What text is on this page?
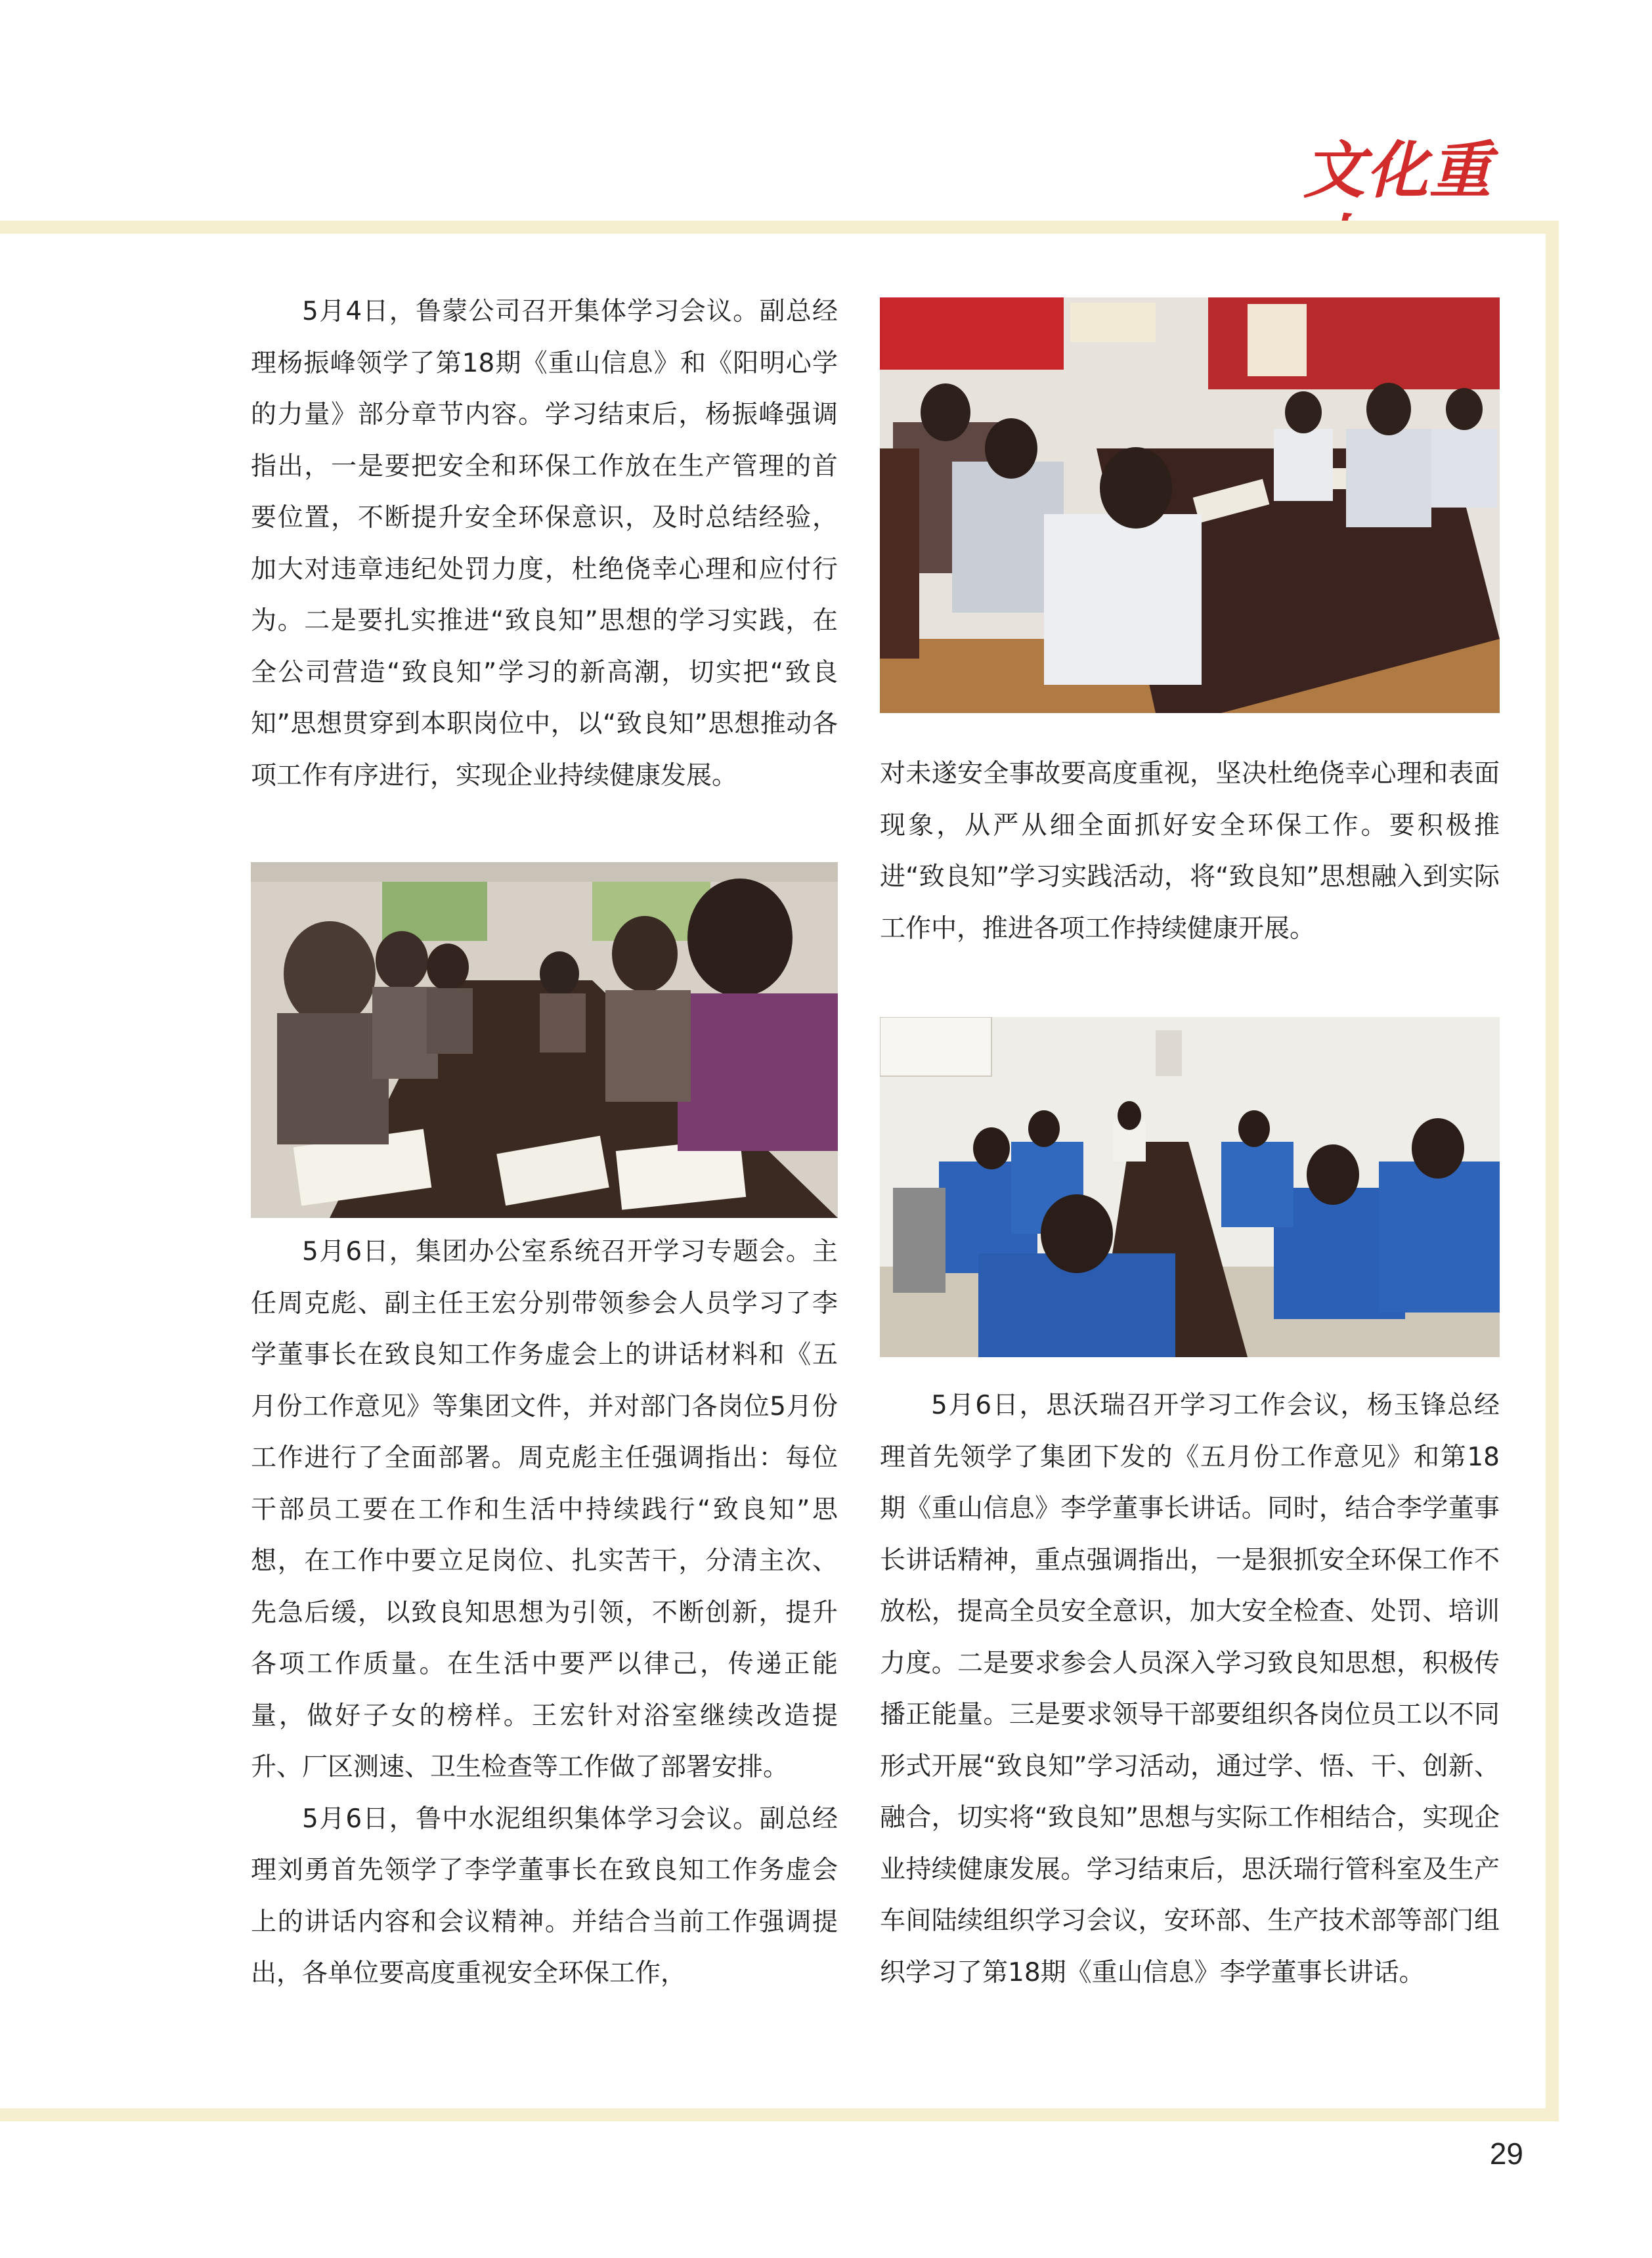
文化重

5月4日，鲁蒙公司召开集体学习会议。副总经理杨振峰领学了第18期《重山信息》和《阳明心学的力量》部分章节内容。学习结束后，杨振峰强调指出，一是要把安全和环保工作放在生产管理的首要位置，不断提升安全环保意识，及时总结经验，加大对违章违纪处罚力度，杜绝侥幸心理和应付行为。二是要扎实推进“致良知”思想的学习实践，在全公司营造“致良知”学习的新高潮，切实把“致良知”思想贯穿到本职岗位中，以“致良知”思想推动各项工作有序进行，实现企业持续健康发展。

5月6日，集团办公室系统召开学习专题会。主任周克彪、副主任王宏分别带领参会人员学习了李学董事长在致良知工作务虚会上的讲话材料和《五月份工作意见》等集团文件，并对部门各岗位5月份工作进行了全面部署。周克彪主任强调指出：每位干部员工要在工作和生活中持续践行“致良知”思想，在工作中要立足岗位、扎实苦干，分清主次、先急后缓，以致良知思想为引领，不断创新，提升各项工作质量。在生活中要严以律己，传递正能量，做好子女的榜样。王宏针对浴室继续改造提升、厂区测速、卫生检查等工作做了部署安排。

5月6日，鲁中水泥组织集体学习会议。副总经理刘勇首先领学了李学董事长在致良知工作务虚会上的讲话内容和会议精神。并结合当前工作强调提出，各单位要高度重视安全环保工作，

对未遂安全事故要高度重视，坚决杜绝侥幸心理和表面现象，从严从细全面抓好安全环保工作。要积极推进“致良知”学习实践活动，将“致良知”思想融入到实际工作中，推进各项工作持续健康开展。

5月6日，思沃瑞召开学习工作会议，杨玉锋总经理首先领学了集团下发的《五月份工作意见》和第18期《重山信息》李学董事长讲话。同时，结合李学董事长讲话精神，重点强调指出，一是狠抓安全环保工作不放松，提高全员安全意识，加大安全检查、处罚、培训力度。二是要求参会人员深入学习致良知思想，积极传播正能量。三是要求领导干部要组织各岗位员工以不同形式开展“致良知”学习活动，通过学、悟、干、创新、融合，切实将“致良知”思想与实际工作相结合，实现企业持续健康发展。学习结束后，思沃瑞行管科室及生产车间陆续组织学习会议，安环部、生产技术部等部门组织学习了第18期《重山信息》李学董事长讲话。

29
